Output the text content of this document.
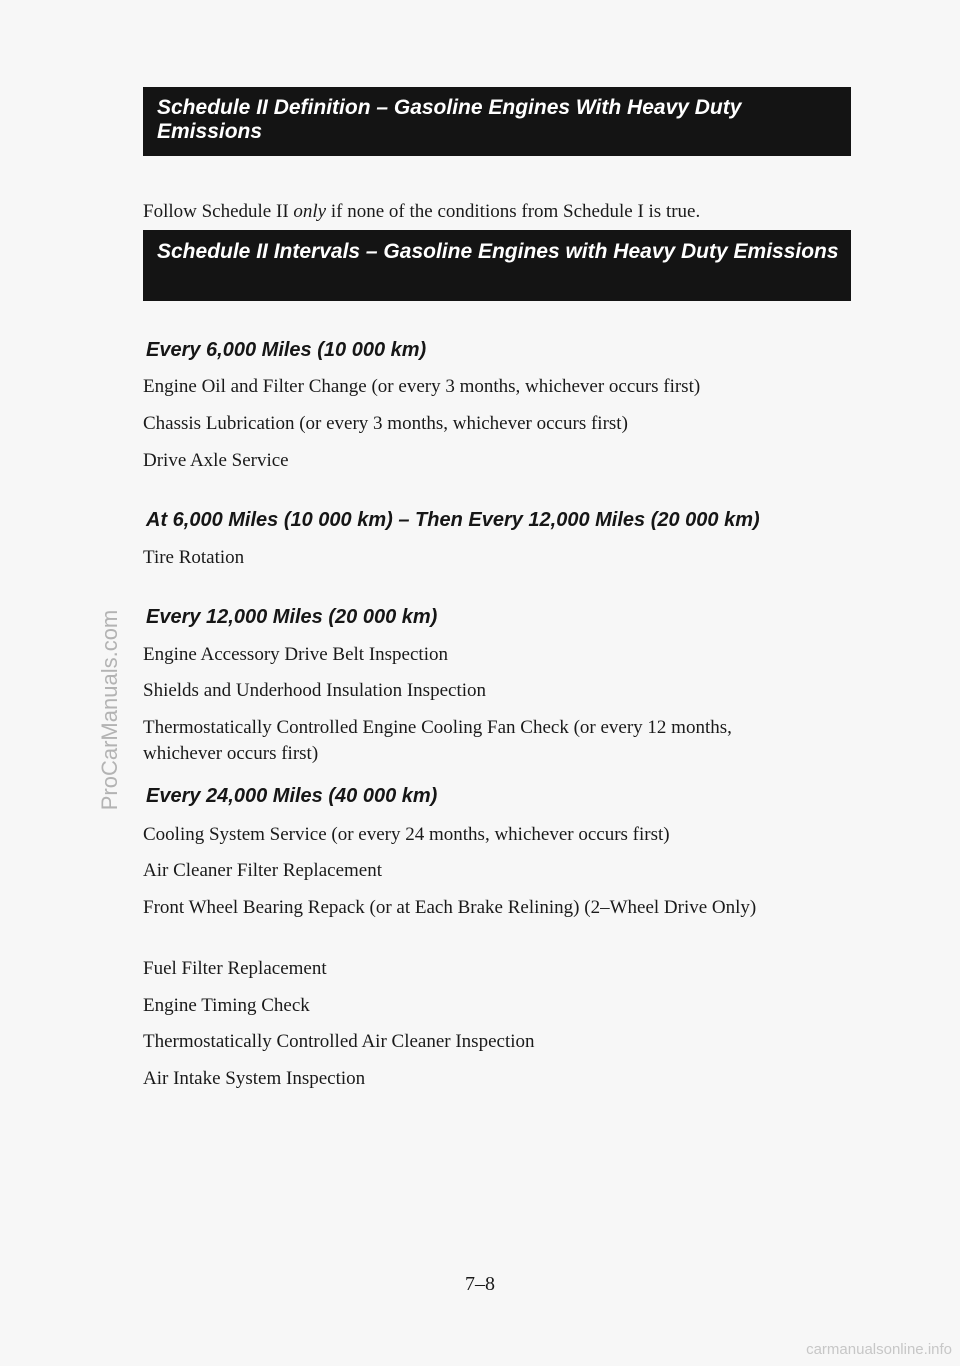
Schedule II Definition – Gasoline Engines With Heavy Duty Emissions

Follow Schedule II only if none of the conditions from Schedule I is true.

Schedule II Intervals – Gasoline Engines with Heavy Duty Emissions
Every 6,000 Miles (10 000 km)

Engine Oil and Filter Change (or every 3 months, whichever occurs first)

Chassis Lubrication (or every 3 months, whichever occurs first)

Drive Axle Service

At 6,000 Miles (10 000 km) – Then Every 12,000 Miles (20 000 km)

Tire Rotation

Every 12,000 Miles (20 000 km)

Engine Accessory Drive Belt Inspection

Shields and Underhood Insulation Inspection

Thermostatically Controlled Engine Cooling Fan Check (or every 12 months, whichever occurs first)

Every 24,000 Miles (40 000 km)

Cooling System Service (or every 24 months, whichever occurs first)

Air Cleaner Filter Replacement

Front Wheel Bearing Repack (or at Each Brake Relining) (2–Wheel Drive Only)

Fuel Filter Replacement

Engine Timing Check

Thermostatically Controlled Air Cleaner Inspection

Air Intake System Inspection

7–8
ProCarManuals.com
carmanualsonline.info
